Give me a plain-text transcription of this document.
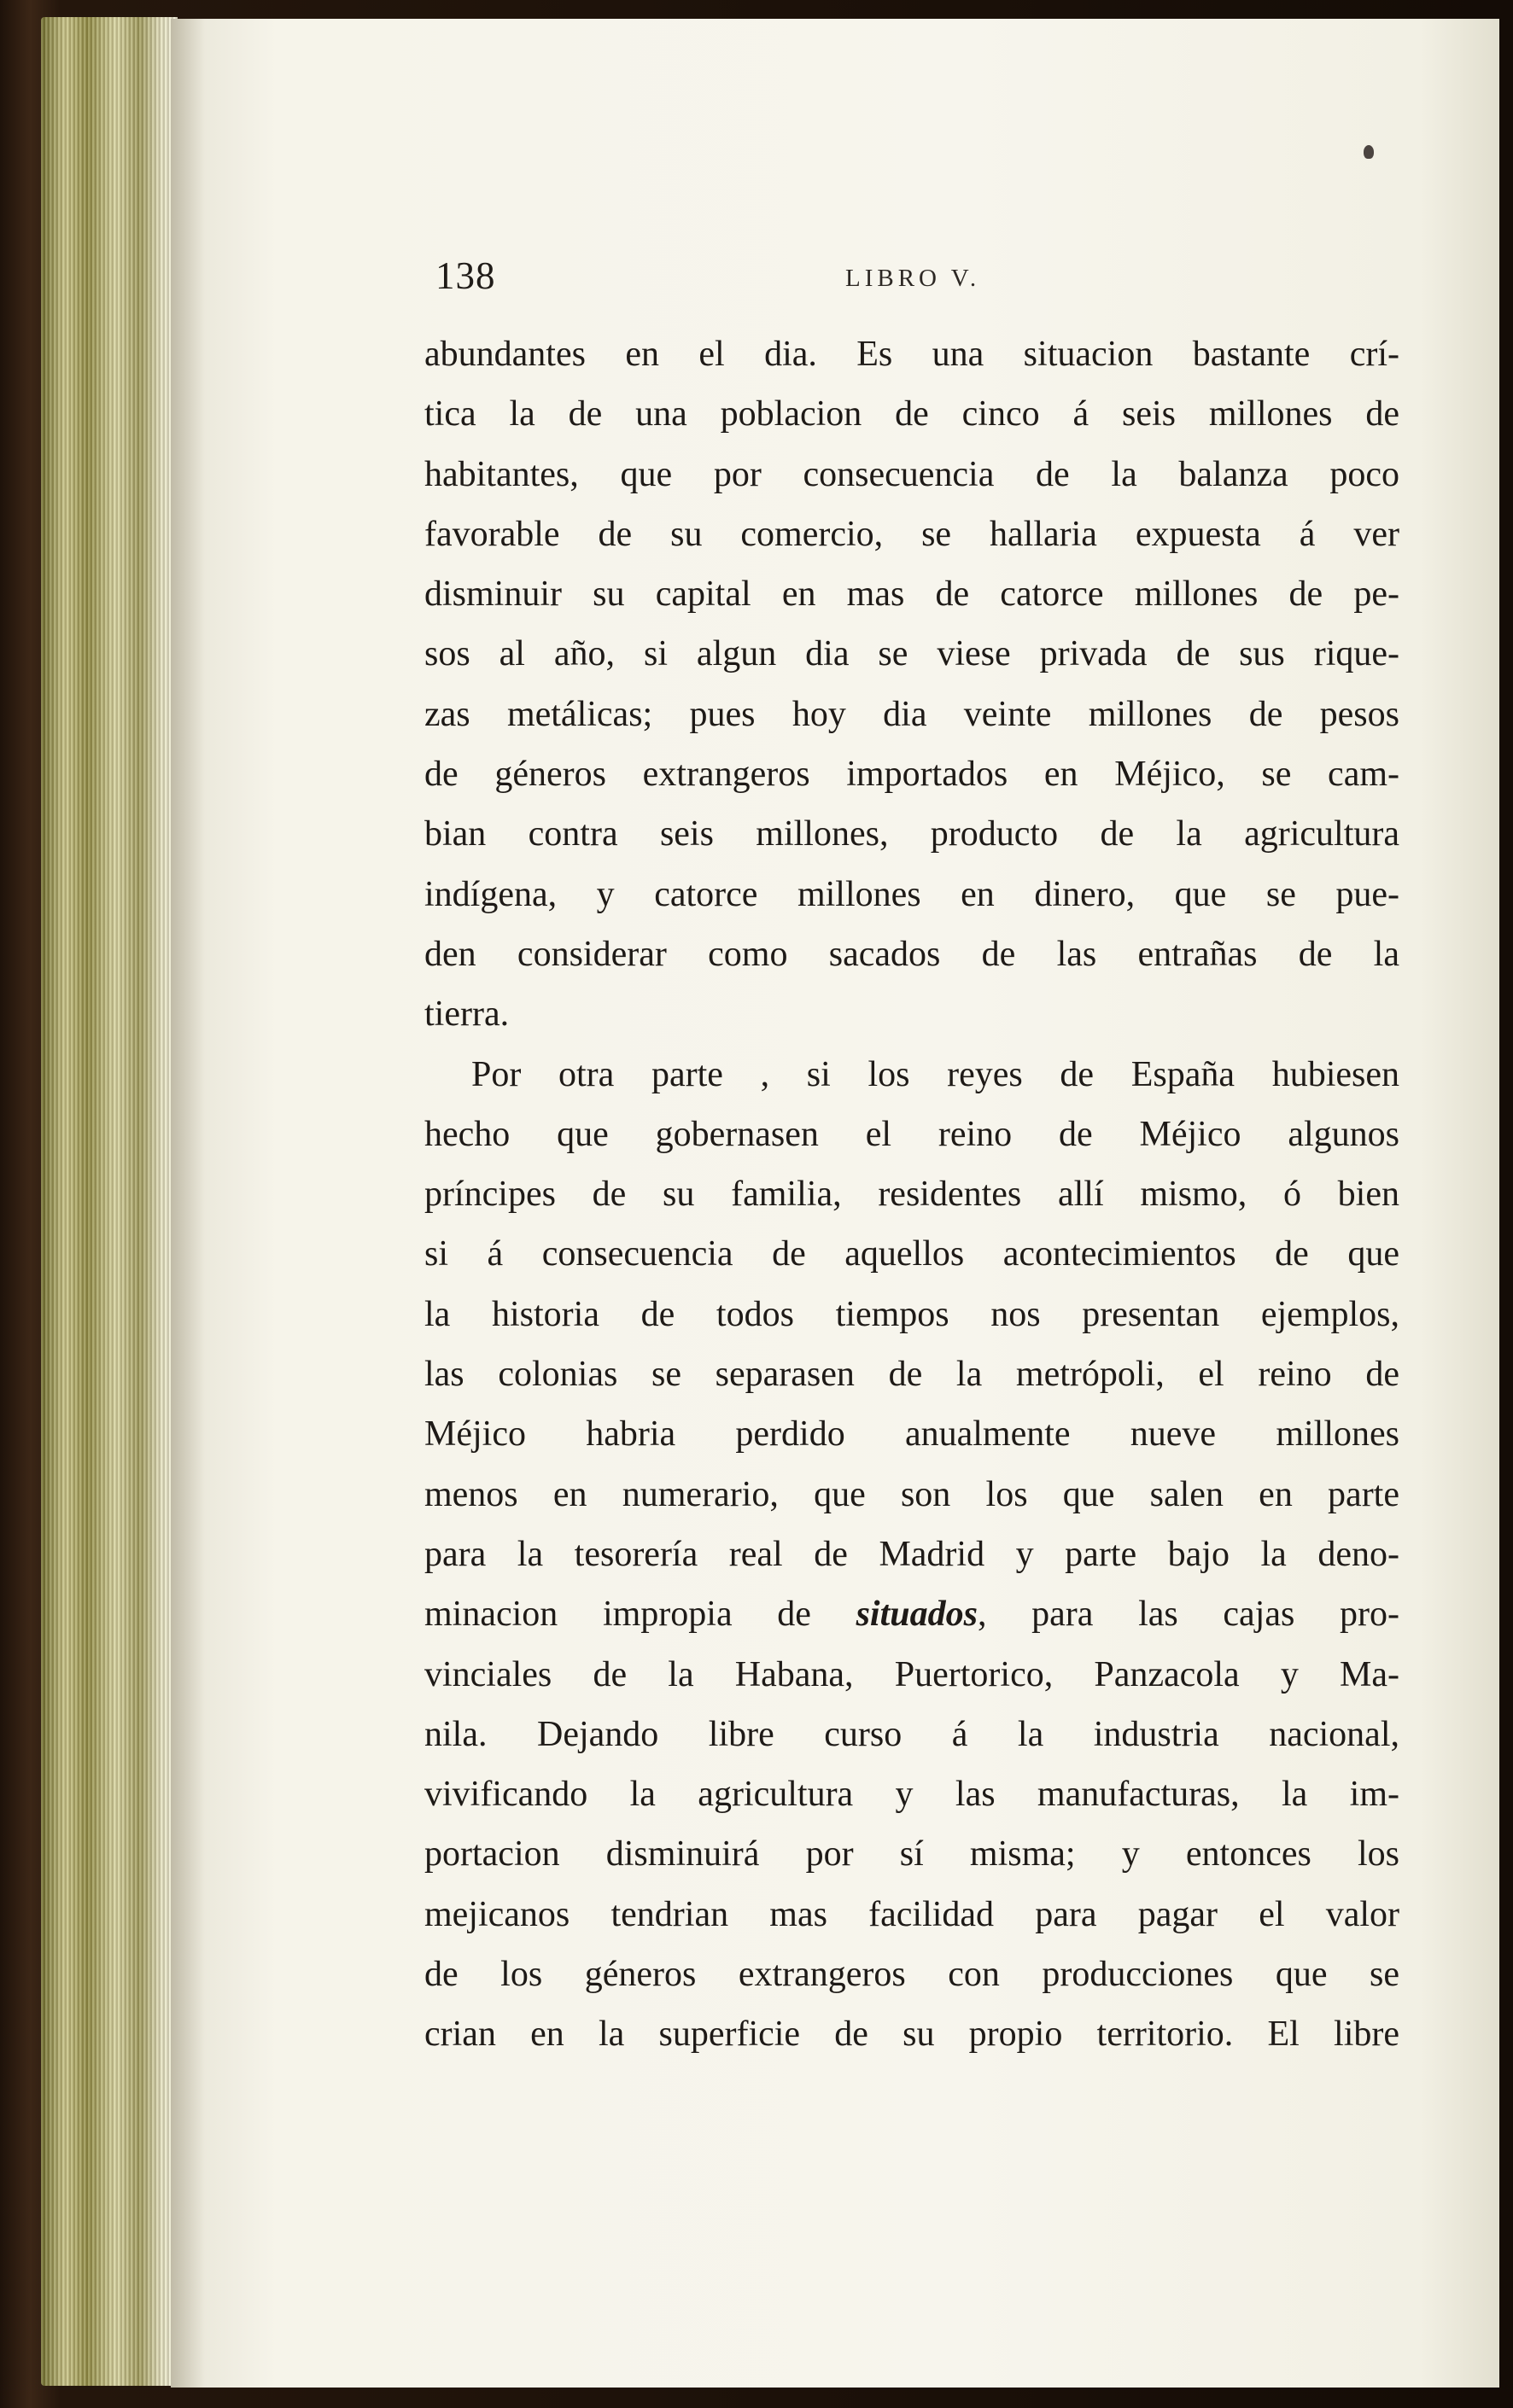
138	LIBRO V.
abundantes en el dia. Es una situacion bastante crí-
tica la de una poblacion de cinco á seis millones de
habitantes, que por consecuencia de la balanza poco
favorable de su comercio, se hallaria expuesta á ver
disminuir su capital en mas de catorce millones de pe-
sos al año, si algun dia se viese privada de sus rique-
zas metálicas; pues hoy dia veinte millones de pesos
de géneros extrangeros importados en Méjico, se cam-
bian contra seis millones, producto de la agricultura
indígena, y catorce millones en dinero, que se pue-
den considerar como sacados de las entrañas de la
tierra.
Por otra parte , si los reyes de España hubiesen
hecho que gobernasen el reino de Méjico algunos
príncipes de su familia, residentes allí mismo, ó bien
si á consecuencia de aquellos acontecimientos de que
la historia de todos tiempos nos presentan ejemplos,
las colonias se separasen de la metrópoli, el reino de
Méjico habria perdido anualmente nueve millones
menos en numerario, que son los que salen en parte
para la tesorería real de Madrid y parte bajo la deno-
minacion impropia de situados, para las cajas pro-
vinciales de la Habana, Puertorico, Panzacola y Ma-
nila. Dejando libre curso á la industria nacional,
vivificando la agricultura y las manufacturas, la im-
portacion disminuirá por sí misma; y entonces los
mejicanos tendrian mas facilidad para pagar el valor
de los géneros extrangeros con producciones que se
crian en la superficie de su propio territorio. El libre
